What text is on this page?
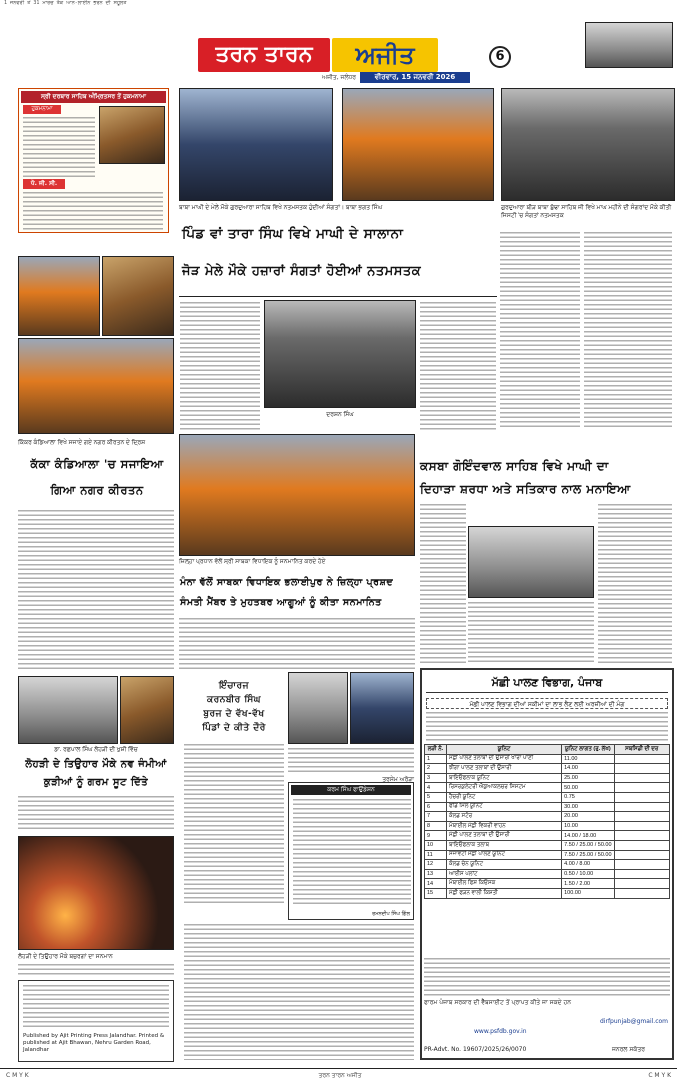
1 ਜਨਵਰੀ ਤੋਂ 31 ਮਾਰਚ ਤੱਕ ਆਨ-ਲਾਈਨ ਭਰਨ ਦੀ ਸਹੂਲਤ
ਸ੍ਰੀ ਦਰਬਾਰ ਸਾਹਿਬ ਅੰਮ੍ਰਿਤਸਰ ਤੋਂ ਹੁਕਮਨਾਮਾ
ਹੁਕਮਨਾਮਾ
ਧੋ. ਜੀ. ਸੀ.
ਤਰਨ ਤਾਰਨ	ਅਜੀਤ
ਅਜੀਤ, ਜਲੰਧਰ	ਵੀਰਵਾਰ, 15 ਜਨਵਰੀ 2026
6
ਬਾਬਾ ਮਾਘੀ ਦੇ ਮੇਲੇ ਮੌਕੇ ਗੁਰਦੁਆਰਾ ਸਾਹਿਬ ਵਿਖੇ ਨਤਮਸਤਕ ਹੁੰਦੀਆਂ ਸੰਗਤਾਂ। ਬਾਬਾ ਭਗਤ ਸਿੰਘ	ਗੁਰਦੁਆਰਾ ਬੀੜ ਬਾਬਾ ਬੁੱਢਾ ਸਾਹਿਬ ਜੀ ਵਿਖੇ ਮਾਘ ਮਹੀਨੇ ਦੀ ਸੰਗਰਾਂਦ ਮੌਕੇ ਕੀਤੀ ਜਿਸਟੀ 'ਚ ਸੰਗਤਾਂ ਨਤਮਸਤਕ
ਪਿੰਡ ਵਾਂ ਤਾਰਾ ਸਿੰਘ ਵਿਖੇ ਮਾਘੀ ਦੇ ਸਾਲਾਨਾ
ਜੋੜ ਮੇਲੇ ਮੌਕੇ ਹਜ਼ਾਰਾਂ ਸੰਗਤਾਂ ਹੋਈਆਂ ਨਤਮਸਤਕ
ਕਿੱਕਰ ਕੰਡਿਆਲਾ ਵਿਖੇ ਸਜਾਏ ਗਏ ਨਗਰ ਕੀਰਤਨ ਦੇ ਦ੍ਰਿਸ਼
ਕੱਕਾ ਕੰਡਿਆਲਾ 'ਚ ਸਜਾਇਆ
ਗਿਆ ਨਗਰ ਕੀਰਤਨ
ਡਾ. ਰਛਪਾਲ ਸਿੰਘ ਲੋਹੜੀ ਦੀ ਖੁਸ਼ੀ ਵਿੱਚ
ਲੋਹੜੀ ਦੇ ਤਿਉਹਾਰ ਮੌਕੇ ਨਵ ਜੰਮੀਆਂ
ਕੁੜੀਆਂ ਨੂੰ ਗਰਮ ਸੂਟ ਦਿੱਤੇ
ਲੋਹੜੀ ਦੇ ਤਿਉਹਾਰ ਮੌਕੇ ਬਜ਼ੁਰਗਾਂ ਦਾ ਸਨਮਾਨ
Published by Ajit Printing Press Jalandhar. Printed & published at Ajit Bhawan, Nehru Garden Road, Jalandhar
ਦਰਸ਼ਨ ਸਿੰਘ
ਜ਼ਿਲ੍ਹਾ ਪ੍ਰਧਾਨ ਵੱਲੋਂ ਸ੍ਰੀ ਸਾਬਕਾ ਵਿਧਾਇਕ ਨੂੰ ਸਨਮਾਨਿਤ ਕਰਦੇ ਹੋਏ
ਮੰਨਾ ਵੱਲੋਂ ਸਾਬਕਾ ਵਿਧਾਇਕ ਭਲਾਈਪੁਰ ਨੇ ਜ਼ਿਲ੍ਹਾ ਪ੍ਰਸ਼ਦ
ਸੰਮਤੀ ਮੈਂਬਰ ਤੇ ਮੁਹਤਬਰ ਆਗੂਆਂ ਨੂੰ ਕੀਤਾ ਸਨਮਾਨਿਤ
ਕਸਬਾ ਗੋਇੰਦਵਾਲ ਸਾਹਿਬ ਵਿਖੇ ਮਾਘੀ ਦਾ
ਦਿਹਾੜਾ ਸ਼ਰਧਾ ਅਤੇ ਸਤਿਕਾਰ ਨਾਲ ਮਨਾਇਆ
ਇੰਚਾਰਜ
ਕਰਨਬੀਰ ਸਿੰਘ
ਬੁਰਜ ਦੇ ਵੱਖ-ਵੱਖ
ਪਿੰਡਾਂ ਦੇ ਕੀਤੇ ਦੌਰੇ
ਤਰਸੇਮ ਅਰੋੜਾ
ਕਰਮ ਸਿੰਘ ਫਾਉਂਡੇਸ਼ਨ
ਰਮਨਦੀਪ ਸਿੰਘ ਗਿੱਲ
ਮੱਛੀ ਪਾਲਣ ਵਿਭਾਗ, ਪੰਜਾਬ
ਮੱਛੀ ਪਾਲਣ ਵਿਭਾਗ ਦੀਆਂ ਸਕੀਮਾਂ ਦਾ ਲਾਭ ਲੈਣ ਲਈ ਅਰਜ਼ੀਆਂ ਦੀ ਮੰਗ
ਲੜੀ ਨੰ.	ਯੂਨਿਟ	ਯੂਨਿਟ ਲਾਗਤ (ਰੁ. ਲੱਖ)	ਸਬਸਿਡੀ ਦੀ ਦਰ
1	ਮੱਛੀ ਪਾਲਣ ਤਲਾਬਾਂ ਦੀ ਉਸਾਰੀ ਖਾਰਾ ਪਾਣੀ	11.00	
2	ਝੀਂਗਾ ਪਾਲਣ ਤਲਾਬਾਂ ਦੀ ਉਸਾਰੀ	14.00	
3	ਬਾਇਓਫਲਾਕ ਯੂਨਿਟ	25.00	
4	ਰਿਸਰਕੁਲੇਟਰੀ ਐਕੁਆਕਲਚਰ ਸਿਸਟਮ	50.00	
5	ਹੈਚਰੀ ਯੂਨਿਟ	0.75	
6	ਫੀਡ ਮਿੱਲ ਯੂਨਿਟ	30.00	
7	ਕੋਲਡ ਸਟੋਰ	20.00	
8	ਮੋਬਾਈਲ ਮੱਛੀ ਵਿਕਰੀ ਵਾਹਨ	10.00	
9	ਮੱਛੀ ਪਾਲਣ ਤਲਾਬਾਂ ਦੀ ਉਸਾਰੀ	14.00 / 18.00	
10	ਬਾਇਓਫਲਾਕ ਤਲਾਬ	7.50 / 25.00 / 50.00	
11	ਸਜਾਵਟੀ ਮੱਛੀ ਪਾਲਣ ਯੂਨਿਟ	7.50 / 25.00 / 50.00	
12	ਕੋਲਡ ਚੇਨ ਯੂਨਿਟ	4.00 / 8.00	
13	ਆਈਸ ਪਲਾਂਟ	0.50 / 10.00	
14	ਮੋਬਾਈਲ ਫਿਸ਼ ਕਿਓਸਕ	1.50 / 2.00	
15	ਮੱਛੀ ਫੜਨ ਵਾਲੀ ਕਿਸ਼ਤੀ	100.00	
ਫਾਰਮ ਪੰਜਾਬ ਸਰਕਾਰ ਦੀ ਵੈੱਬਸਾਈਟ ਤੋਂ ਪ੍ਰਾਪਤ ਕੀਤੇ ਜਾ ਸਕਦੇ ਹਨ
dirfpunjab@gmail.com
www.psfdb.gov.in
PR-Advt. No. 19607/2025/26/0070	ਜਨਰਲ ਸਕੱਤਰ
C M Y K	ਤਰਨ ਤਾਰਨ ਅਜੀਤ	C M Y K
